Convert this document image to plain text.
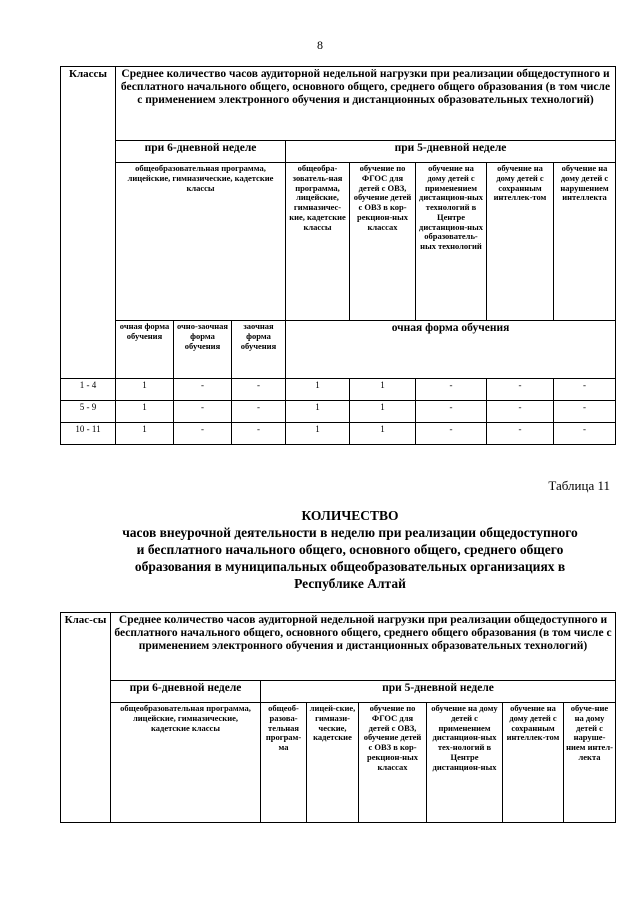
8
Классы	Среднее количество часов аудиторной недельной нагрузки при реализации общедоступного и бесплатного начального общего, основного общего, среднего общего образования (в том числе с применением электронного обучения и дистанционных образовательных технологий)							
	при 6-дневной неделе			при 5-дневной неделе				
	общеобразовательная программа, лицейские, гимназические, кадетские классы			общеобра-зователь-ная программа, лицейские, гимназичес-кие, кадетские классы	обучение по ФГОС для детей с ОВЗ, обучение детей с ОВЗ в кор-рекцион-ных классах	обучение на дому детей с применением дистанцион-ных технологий в Центре дистанцион-ных образователь-ных технологий	обучение на дому детей с сохранным интеллек-том	обучение на дому детей с нарушением интеллекта
	очная форма обучения	очно-заочная форма обучения	заочная форма обучения	очная форма обучения				
1 - 4	1	-	-	1	1	-	-	-
5 - 9	1	-	-	1	1	-	-	-
10 - 11	1	-	-	1	1	-	-	-
Таблица 11
КОЛИЧЕСТВО
часов внеурочной деятельности в неделю при реализации общедоступного и бесплатного начального общего, основного общего, среднего общего образования в муниципальных общеобразовательных организациях в Республике Алтай
Клас-сы	Среднее количество часов аудиторной недельной нагрузки при реализации общедоступного и бесплатного начального общего, основного общего, среднего общего образования (в том числе с применением электронного обучения и дистанционных образовательных технологий)						
	при 6-дневной неделе	при 5-дневной неделе					
	общеобразовательная программа, лицейские, гимназические, кадетские классы	общеоб-разова-тельная програм-ма	лицей-ские, гимнази-ческие, кадетские	обучение по ФГОС для детей с ОВЗ, обучение детей с ОВЗ в кор-рекцион-ных классах	обучение на дому детей с применением дистанцион-ных тех-нологий в Центре дистанцион-ных	обучение на дому детей с сохранным интеллек-том	обуче-ние на дому детей с наруше-нием интел-лекта
